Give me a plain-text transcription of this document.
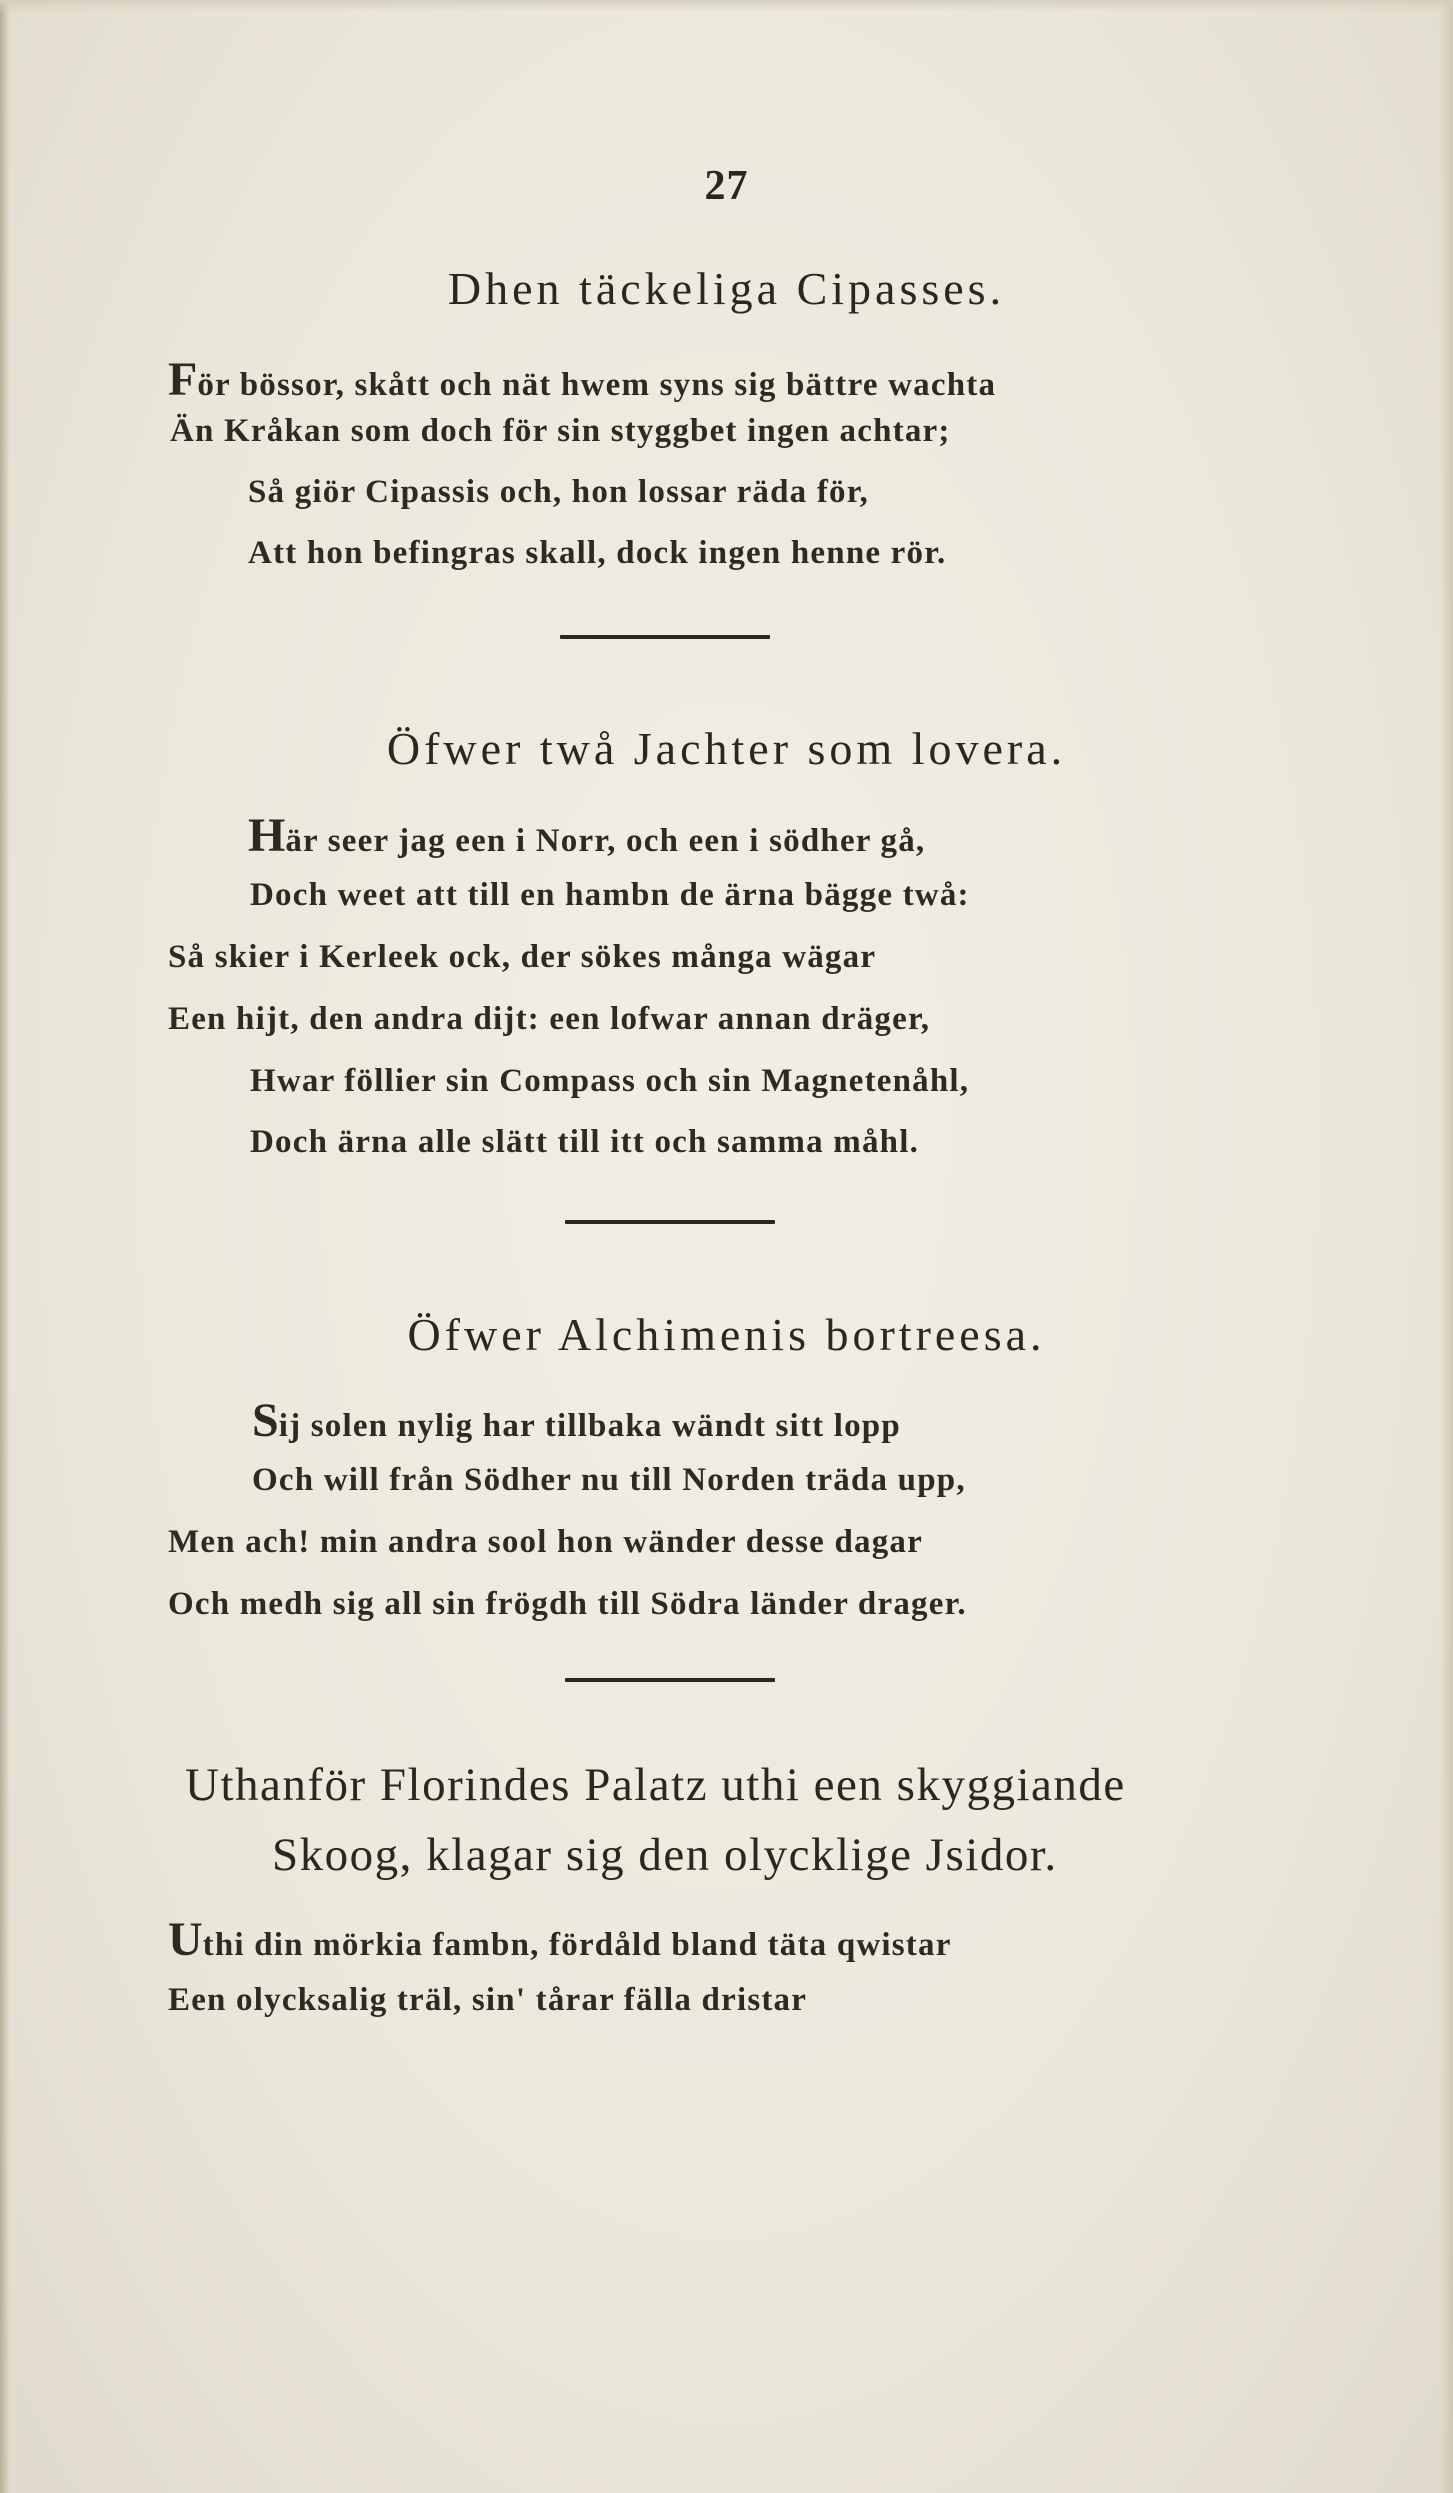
27
Dhen täckeliga Cipasses.
För bössor, skått och nät hwem syns sig bättre wachta
Än Kråkan som doch för sin styggbet ingen achtar;
Så giör Cipassis och, hon lossar räda för,
Att hon befingras skall, dock ingen henne rör.
Öfwer twå Jachter som lovera.
Här seer jag een i Norr, och een i södher gå,
Doch weet att till en hambn de ärna bägge twå:
Så skier i Kerleek ock, der sökes många wägar
Een hijt, den andra dijt: een lofwar annan dräger,
Hwar föllier sin Compass och sin Magnetenåhl,
Doch ärna alle slätt till itt och samma måhl.
Öfwer Alchimenis bortreesa.
Sij solen nylig har tillbaka wändt sitt lopp
Och will från Södher nu till Norden träda upp,
Men ach! min andra sool hon wänder desse dagar
Och medh sig all sin frögdh till Södra länder drager.
Uthanför Florindes Palatz uthi een skyggiande
Skoog, klagar sig den olycklige Jsidor.
Uthi din mörkia fambn, fördåld bland täta qwistar
Een olycksalig träl, sin' tårar fälla dristar
